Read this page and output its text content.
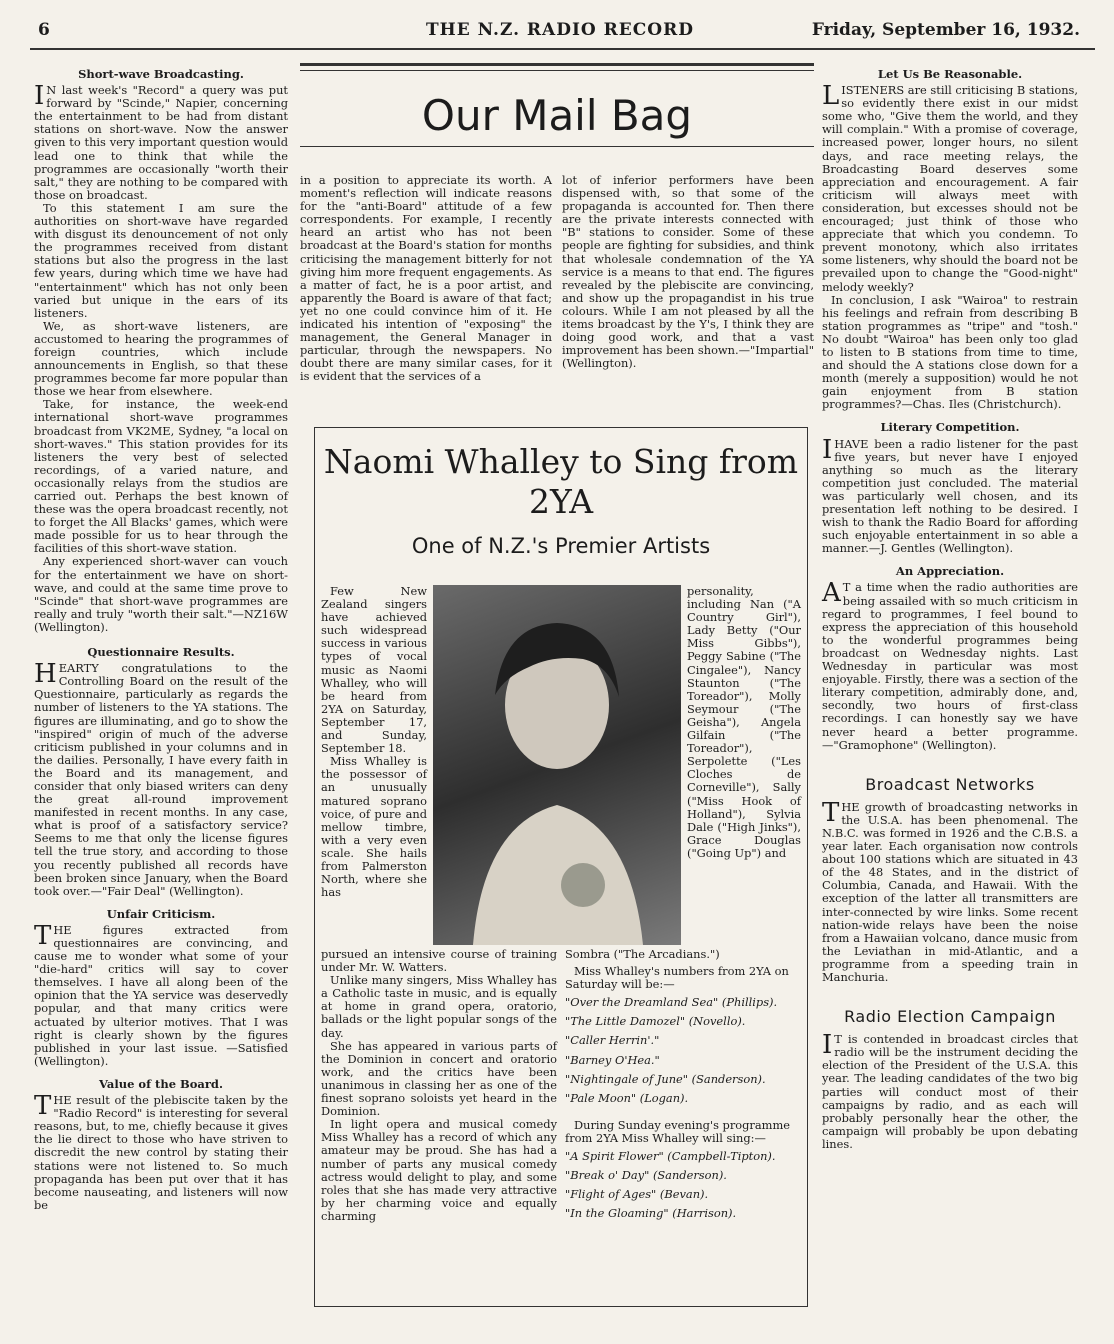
6	THE N.Z. RADIO RECORD	Friday, September 16, 1932.
Short-wave Broadcasting.

I N last week's "Record" a query was put forward by "Scinde," Napier, concerning the entertainment to be had from distant stations on short-wave. Now the answer given to this very important question would lead one to think that while the programmes are occasionally "worth their salt," they are nothing to be compared with those on broadcast.

To this statement I am sure the authorities on short-wave have regarded with disgust its denouncement of not only the programmes received from distant stations but also the progress in the last few years, during which time we have had "entertainment" which has not only been varied but unique in the ears of its listeners.

We, as short-wave listeners, are accustomed to hearing the programmes of foreign countries, which include announcements in English, so that these programmes become far more popular than those we hear from elsewhere.

Take, for instance, the week-end international short-wave programmes broadcast from VK2ME, Sydney, "a local on short-waves." This station provides for its listeners the very best of selected recordings, of a varied nature, and occasionally relays from the studios are carried out. Perhaps the best known of these was the opera broadcast recently, not to forget the All Blacks' games, which were made possible for us to hear through the facilities of this short-wave station.

Any experienced short-waver can vouch for the entertainment we have on short-wave, and could at the same time prove to "Scinde" that short-wave programmes are really and truly "worth their salt."—NZ16W (Wellington).

Questionnaire Results.

HEARTY congratulations to the Controlling Board on the result of the Questionnaire, particularly as regards the number of listeners to the YA stations. The figures are illuminating, and go to show the "inspired" origin of much of the adverse criticism published in your columns and in the dailies. Personally, I have every faith in the Board and its management, and consider that only biased writers can deny the great all-round improvement manifested in recent months. In any case, what is proof of a satisfactory service? Seems to me that only the license figures tell the true story, and according to those you recently published all records have been broken since January, when the Board took over.—"Fair Deal" (Wellington).

Unfair Criticism.

THE figures extracted from questionnaires are convincing, and cause me to wonder what some of your "die-hard" critics will say to cover themselves. I have all along been of the opinion that the YA service was deservedly popular, and that many critics were actuated by ulterior motives. That I was right is clearly shown by the figures published in your last issue. —Satisfied (Wellington).

Value of the Board.

THE result of the plebiscite taken by the "Radio Record" is interesting for several reasons, but, to me, chiefly because it gives the lie direct to those who have striven to discredit the new control by stating their stations were not listened to. So much propaganda has been put over that it has become nauseating, and listeners will now be

Our Mail Bag

in a position to appreciate its worth. A moment's reflection will indicate reasons for the "anti-Board" attitude of a few correspondents. For example, I recently heard an artist who has not been broadcast at the Board's station for months criticising the management bitterly for not giving him more frequent engagements. As a matter of fact, he is a poor artist, and apparently the Board is aware of that fact; yet no one could convince him of it. He indicated his intention of "exposing" the management, the General Manager in particular, through the newspapers. No doubt there are many similar cases, for it is evident that the services of a

lot of inferior performers have been dispensed with, so that some of the propaganda is accounted for. Then there are the private interests connected with "B" stations to consider. Some of these people are fighting for subsidies, and think that wholesale condemnation of the YA service is a means to that end. The figures revealed by the plebiscite are convincing, and show up the propagandist in his true colours. While I am not pleased by all the items broadcast by the Y's, I think they are doing good work, and that a vast improvement has been shown.—"Impartial" (Wellington).

Naomi Whalley to Sing from 2YA
One of N.Z.'s Premier Artists

Few New Zealand singers have achieved such widespread success in various types of vocal music as Naomi Whalley, who will be heard from 2YA on Saturday, September 17, and Sunday, September 18.

Miss Whalley is the possessor of an unusually matured soprano voice, of pure and mellow timbre, with a very even scale. She hails from Palmerston North, where she has

personality, including Nan ("A Country Girl"), Lady Betty ("Our Miss Gibbs"), Peggy Sabine ("The Cingalee"), Nancy Staunton ("The Toreador"), Molly Seymour ("The Geisha"), Angela Gilfain ("The Toreador"), Serpolette ("Les Cloches de Corneville"), Sally ("Miss Hook of Holland"), Sylvia Dale ("High Jinks"), Grace Douglas ("Going Up") and

pursued an intensive course of training under Mr. W. Watters.

Unlike many singers, Miss Whalley has a Catholic taste in music, and is equally at home in grand opera, oratorio, ballads or the light popular songs of the day.

She has appeared in various parts of the Dominion in concert and oratorio work, and the critics have been unanimous in classing her as one of the finest soprano soloists yet heard in the Dominion.

In light opera and musical comedy Miss Whalley has a record of which any amateur may be proud. She has had a number of parts any musical comedy actress would delight to play, and some roles that she has made very attractive by her charming voice and equally charming

Sombra ("The Arcadians.")

Miss Whalley's numbers from 2YA on Saturday will be:—

"Over the Dreamland Sea" (Phillips).

"The Little Damozel" (Novello).

"Caller Herrin'."

"Barney O'Hea."

"Nightingale of June" (Sanderson).

"Pale Moon" (Logan).

During Sunday evening's programme from 2YA Miss Whalley will sing:—

"A Spirit Flower" (Campbell-Tipton).

"Break o' Day" (Sanderson).

"Flight of Ages" (Bevan).

"In the Gloaming" (Harrison).

Let Us Be Reasonable.

LISTENERS are still criticising B stations, so evidently there exist in our midst some who, "Give them the world, and they will complain." With a promise of coverage, increased power, longer hours, no silent days, and race meeting relays, the Broadcasting Board deserves some appreciation and encouragement. A fair criticism will always meet with consideration, but excesses should not be encouraged; just think of those who appreciate that which you condemn. To prevent monotony, which also irritates some listeners, why should the board not be prevailed upon to change the "Good-night" melody weekly?

In conclusion, I ask "Wairoa" to restrain his feelings and refrain from describing B station programmes as "tripe" and "tosh." No doubt "Wairoa" has been only too glad to listen to B stations from time to time, and should the A stations close down for a month (merely a supposition) would he not gain enjoyment from B station programmes?—Chas. Iles (Christchurch).

Literary Competition.

IHAVE been a radio listener for the past five years, but never have I enjoyed anything so much as the literary competition just concluded. The material was particularly well chosen, and its presentation left nothing to be desired. I wish to thank the Radio Board for affording such enjoyable entertainment in so able a manner.—J. Gentles (Wellington).

An Appreciation.

A T a time when the radio authorities are being assailed with so much criticism in regard to programmes, I feel bound to express the appreciation of this household to the wonderful programmes being broadcast on Wednesday nights. Last Wednesday in particular was most enjoyable. Firstly, there was a section of the literary competition, admirably done, and, secondly, two hours of first-class recordings. I can honestly say we have never heard a better programme.—"Gramophone" (Wellington).

Broadcast Networks

THE growth of broadcasting networks in the U.S.A. has been phenomenal. The N.B.C. was formed in 1926 and the C.B.S. a year later. Each organisation now controls about 100 stations which are situated in 43 of the 48 States, and in the district of Columbia, Canada, and Hawaii. With the exception of the latter all transmitters are inter-connected by wire links. Some recent nation-wide relays have been the noise from a Hawaiian volcano, dance music from the Leviathan in mid-Atlantic, and a programme from a speeding train in Manchuria.

Radio Election Campaign

I T is contended in broadcast circles that radio will be the instrument deciding the election of the President of the U.S.A. this year. The leading candidates of the two big parties will conduct most of their campaigns by radio, and as each will probably personally hear the other, the campaign will probably be upon debating lines.
